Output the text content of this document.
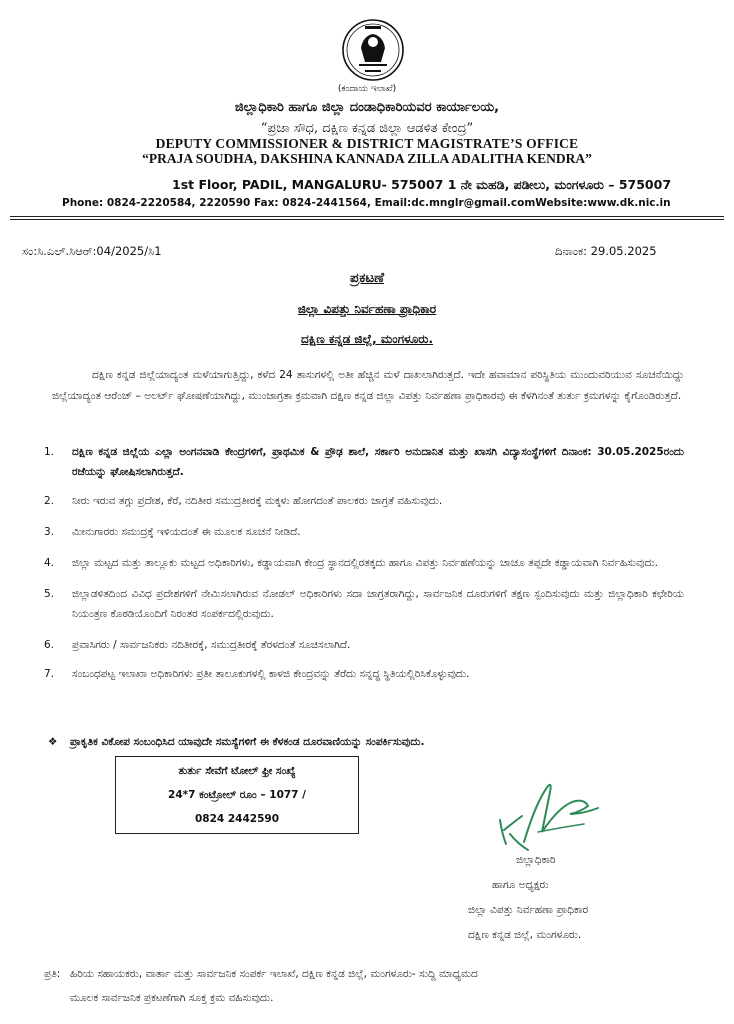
(ಕಂದಾಯ ಇಲಾಖೆ)
ಜಿಲ್ಲಾಧಿಕಾರಿ ಹಾಗೂ ಜಿಲ್ಲಾ ದಂಡಾಧಿಕಾರಿಯವರ ಕಾರ್ಯಾಲಯ,
“ಪ್ರಜಾ ಸೌಧ, ದಕ್ಷಿಣ ಕನ್ನಡ ಜಿಲ್ಲಾ ಆಡಳಿತ ಕೇಂದ್ರ”
DEPUTY COMMISSIONER & DISTRICT MAGISTRATE’S OFFICE
“PRAJA SOUDHA, DAKSHINA KANNADA ZILLA ADALITHA KENDRA”
1st Floor, PADIL, MANGALURU- 575007 1 ನೇ ಮಹಡಿ, ಪಡೀಲು, ಮಂಗಳೂರು – 575007
Phone: 0824-2220584, 2220590 Fax: 0824-2441564, Email:dc.mnglr@gmail.comWebsite:www.dk.nic.in
ಸಂ:ಸಿ.ಎಲ್.ಸಿಆರ್:04/2025/ಸಿ1	ದಿನಾಂಕ: 29.05.2025
ಪ್ರಕಟಣೆ
ಜಿಲ್ಲಾ ವಿಪತ್ತು ನಿರ್ವಹಣಾ ಪ್ರಾಧಿಕಾರ
ದಕ್ಷಿಣ ಕನ್ನಡ ಜಿಲ್ಲೆ, ಮಂಗಳೂರು.
ದಕ್ಷಿಣ ಕನ್ನಡ ಜಿಲ್ಲೆಯಾದ್ಯಂತ ಮಳೆಯಾಗುತ್ತಿದ್ದು, ಕಳೆದ 24 ತಾಸುಗಳಲ್ಲಿ ಅತೀ ಹೆಚ್ಚಿನ ಮಳೆ ದಾಖಲಾಗಿರುತ್ತದೆ. ಇದೇ ಹವಾಮಾನ ಪರಿಸ್ಥಿತಿಯ ಮುಂದುವರಿಯುವ ಸೂಚನೆಯಿದ್ದು ಜಿಲ್ಲೆಯಾದ್ಯಂತ ಆರೆಂಜ್ – ಅಲರ್ಟ್ ಘೋಷಣೆಯಾಗಿದ್ದು, ಮುಂಜಾಗ್ರತಾ ಕ್ರಮವಾಗಿ ದಕ್ಷಿಣ ಕನ್ನಡ ಜಿಲ್ಲಾ ವಿಪತ್ತು ನಿರ್ವಹಣಾ ಪ್ರಾಧಿಕಾರವು ಈ ಕೆಳಗಿನಂತೆ ತುರ್ತು ಕ್ರಮಗಳನ್ನು ಕೈಗೊಂಡಿರುತ್ತದೆ.
1.	ದಕ್ಷಿಣ ಕನ್ನಡ ಜಿಲ್ಲೆಯ ಎಲ್ಲಾ ಅಂಗನವಾಡಿ ಕೇಂದ್ರಗಳಿಗೆ, ಪ್ರಾಥಮಿಕ & ಪ್ರೌಢ ಶಾಲೆ, ಸರ್ಕಾರಿ ಅನುದಾನಿತ ಮತ್ತು ಖಾಸಗಿ ವಿದ್ಯಾಸಂಸ್ಥೆಗಳಿಗೆ ದಿನಾಂಕ: 30.05.2025ರಂದು ರಜೆಯನ್ನು ಘೋಷಿಸಲಾಗಿರುತ್ತದೆ.
2.	ನೀರು ಇರುವ ತಗ್ಗು ಪ್ರದೇಶ, ಕೆರೆ, ನದಿತೀರ ಸಮುದ್ರತೀರಕ್ಕೆ ಮಕ್ಕಳು ಹೋಗದಂತೆ ಪಾಲಕರು ಜಾಗ್ರತೆ ವಹಿಸುವುದು.
3.	ಮೀನುಗಾರರು ಸಮುದ್ರಕ್ಕೆ ಇಳಿಯದಂತೆ ಈ ಮೂಲಕ ಸೂಚನೆ ನೀಡಿದೆ.
4.	ಜಿಲ್ಲಾ ಮಟ್ಟದ ಮತ್ತು ತಾಲ್ಲೂಕು ಮಟ್ಟದ ಅಧಿಕಾರಿಗಳು, ಕಡ್ಡಾಯವಾಗಿ ಕೇಂದ್ರ ಸ್ಥಾನದಲ್ಲಿರತಕ್ಕದು ಹಾಗೂ ವಿಪತ್ತು ನಿರ್ವಹಣೆಯನ್ನು ಚಾಚೂ ತಪ್ಪದೇ ಕಡ್ಡಾಯವಾಗಿ ನಿರ್ವಹಿಸುವುದು.
5.	ಜಿಲ್ಲಾಡಳಿತದಿಂದ ವಿವಿಧ ಪ್ರದೇಶಗಳಿಗೆ ನೇಮಿಸಲಾಗಿರುವ ನೋಡಲ್ ಅಧಿಕಾರಿಗಳು ಸದಾ ಜಾಗ್ರತರಾಗಿದ್ದು, ಸಾರ್ವಜನಿಕ ದೂರುಗಳಿಗೆ ತಕ್ಷಣ ಸ್ಪಂದಿಸುವುದು ಮತ್ತು ಜಿಲ್ಲಾಧಿಕಾರಿ ಕಛೇರಿಯ ನಿಯಂತ್ರಣ ಕೊಠಡಿಯೊಂದಿಗೆ ನಿರಂತರ ಸಂಪರ್ಕದಲ್ಲಿರುವುದು.
6.	ಪ್ರವಾಸಿಗರು / ಸಾರ್ವಜನಿಕರು ನದಿತೀರಕ್ಕೆ, ಸಮುದ್ರತೀರಕ್ಕೆ ತೆರಳದಂತೆ ಸೂಚಿಸಲಾಗಿದೆ.
7.	ಸಂಬಂಧಪಟ್ಟ ಇಲಾಖಾ ಅಧಿಕಾರಿಗಳು ಪ್ರತೀ ತಾಲೂಕುಗಳಲ್ಲಿ ಕಾಳಜಿ ಕೇಂದ್ರವನ್ನು ತೆರೆದು ಸನ್ನದ್ಧ ಸ್ಥಿತಿಯಲ್ಲಿರಿಸಿಕೊಳ್ಳುವುದು.
❖ ಪ್ರಾಕೃತಿಕ ವಿಕೋಪ ಸಂಬಂಧಿಸಿದ ಯಾವುದೇ ಸಮಸ್ಯೆಗಳಿಗೆ ಈ ಕೆಳಕಂಡ ದೂರವಾಣಿಯನ್ನು ಸಂಪರ್ಕಿಸುವುದು.
ತುರ್ತು ಸೇವೆಗೆ ಟೋಲ್ ಫ್ರೀ ಸಂಖ್ಯೆ
24*7 ಕಂಟ್ರೋಲ್ ರೂಂ – 1077 /
0824 2442590
ಜಿಲ್ಲಾಧಿಕಾರಿ
ಹಾಗೂ ಅಧ್ಯಕ್ಷರು
ಜಿಲ್ಲಾ ವಿಪತ್ತು ನಿರ್ವಹಣಾ ಪ್ರಾಧಿಕಾರ
ದಕ್ಷಿಣ ಕನ್ನಡ ಜಿಲ್ಲೆ, ಮಂಗಳೂರು.
ಪ್ರತಿ: ಹಿರಿಯ ಸಹಾಯಕರು, ವಾರ್ತಾ ಮತ್ತು ಸಾರ್ವಜನಿಕ ಸಂಪರ್ಕ ಇಲಾಖೆ, ದಕ್ಷಿಣ ಕನ್ನಡ ಜಿಲ್ಲೆ, ಮಂಗಳೂರು- ಸುದ್ದಿ ಮಾಧ್ಯಮದ
ಮೂಲಕ ಸಾರ್ವಜನಿಕ ಪ್ರಕಟಣೆಗಾಗಿ ಸೂಕ್ತ ಕ್ರಮ ವಹಿಸುವುದು.
